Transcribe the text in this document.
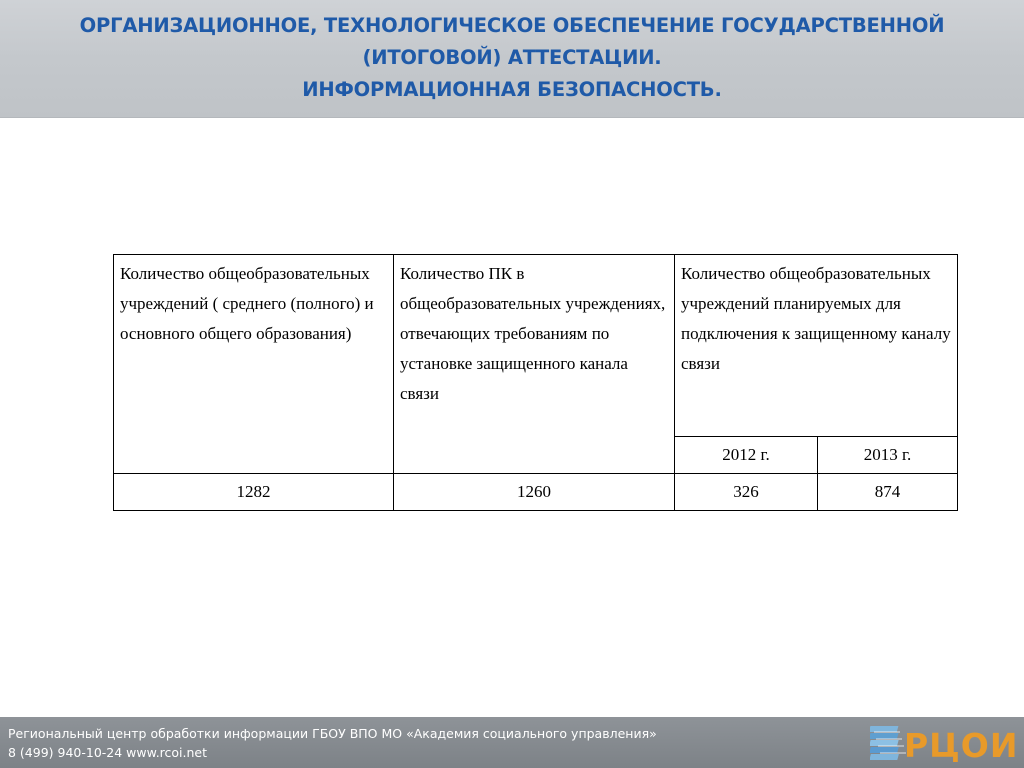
ОРГАНИЗАЦИОННОЕ, ТЕХНОЛОГИЧЕСКОЕ ОБЕСПЕЧЕНИЕ ГОСУДАРСТВЕННОЙ
(ИТОГОВОЙ) АТТЕСТАЦИИ.
ИНФОРМАЦИОННАЯ БЕЗОПАСНОСТЬ.
Количество общеобразовательных учреждений ( среднего (полного) и основного общего образования)	Количество ПК в общеобразовательных учреждениях, отвечающих требованиям по установке защищенного канала связи	Количество общеобразовательных учреждений планируемых для подключения к защищенному каналу связи	
		2012 г.	2013 г.
1282	1260	326	874
Региональный центр обработки информации ГБОУ ВПО МО «Академия социального управления»
8 (499) 940-10-24 www.rcoi.net	РЦОИ
